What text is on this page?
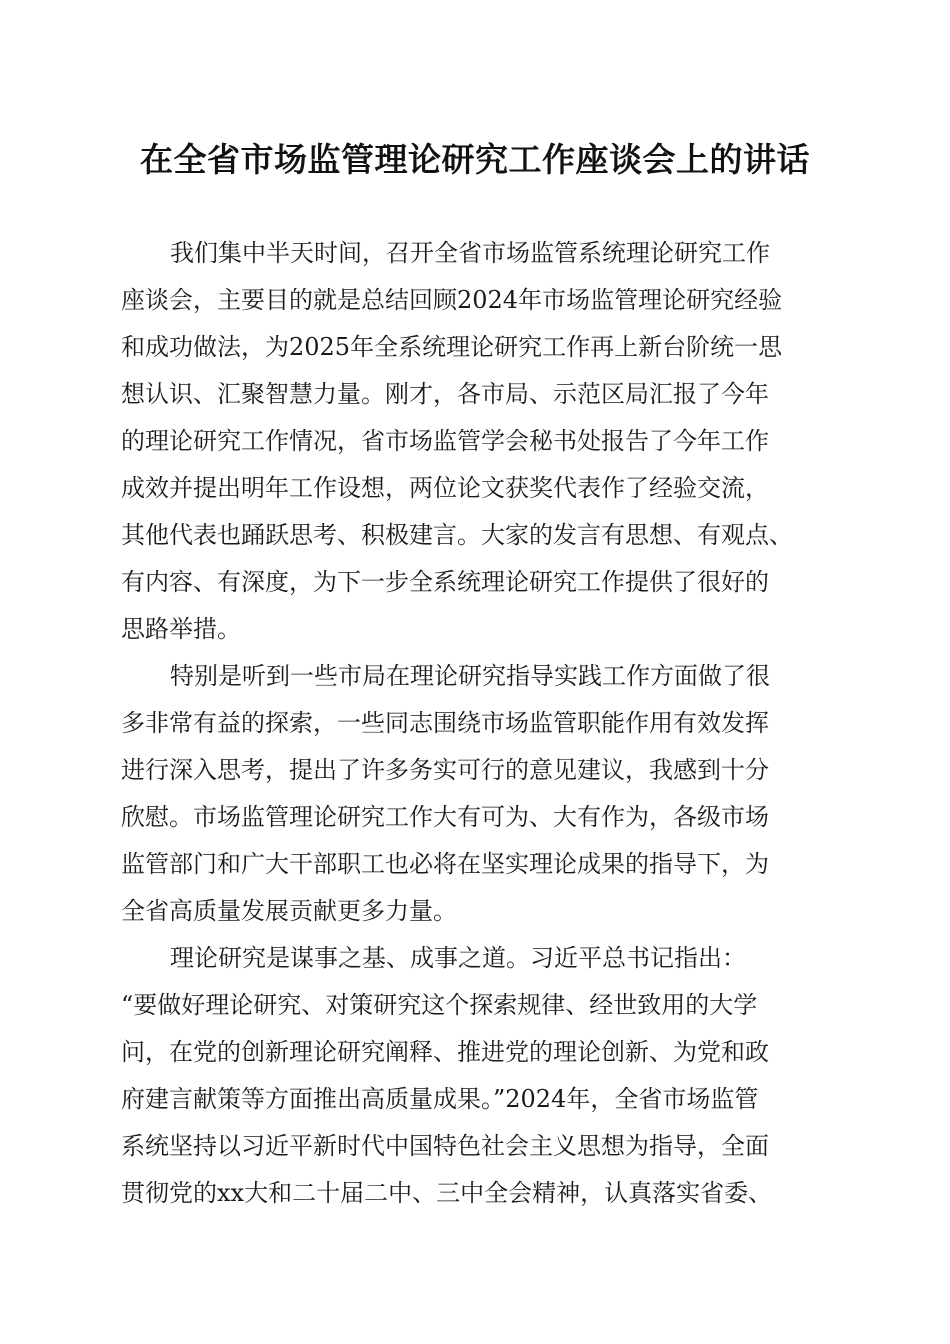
在全省市场监管理论研究工作座谈会上的讲话
我们集中半天时间，召开全省市场监管系统理论研究工作
座谈会，主要目的就是总结回顾2024年市场监管理论研究经验
和成功做法，为2025年全系统理论研究工作再上新台阶统一思
想认识、汇聚智慧力量。刚才，各市局、示范区局汇报了今年
的理论研究工作情况，省市场监管学会秘书处报告了今年工作
成效并提出明年工作设想，两位论文获奖代表作了经验交流，
其他代表也踊跃思考、积极建言。大家的发言有思想、有观点、
有内容、有深度，为下一步全系统理论研究工作提供了很好的
思路举措。
特别是听到一些市局在理论研究指导实践工作方面做了很
多非常有益的探索，一些同志围绕市场监管职能作用有效发挥
进行深入思考，提出了许多务实可行的意见建议，我感到十分
欣慰。市场监管理论研究工作大有可为、大有作为，各级市场
监管部门和广大干部职工也必将在坚实理论成果的指导下，为
全省高质量发展贡献更多力量。
理论研究是谋事之基、成事之道。习近平总书记指出：
“要做好理论研究、对策研究这个探索规律、经世致用的大学
问，在党的创新理论研究阐释、推进党的理论创新、为党和政
府建言献策等方面推出高质量成果。”2024年，全省市场监管
系统坚持以习近平新时代中国特色社会主义思想为指导，全面
贯彻党的xx大和二十届二中、三中全会精神，认真落实省委、
